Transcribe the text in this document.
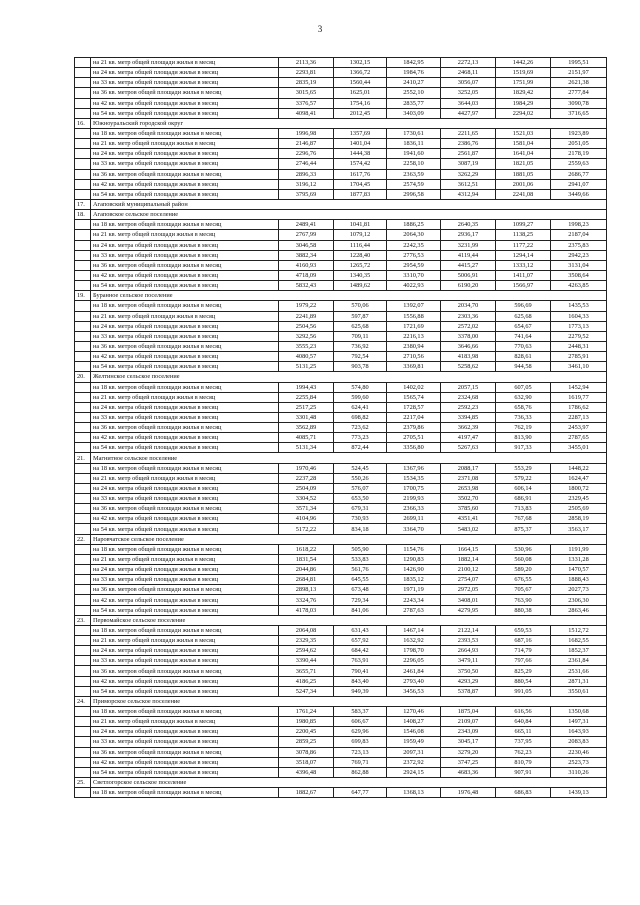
3
	на 21 кв. метр общей площади жилья в месяц	2113,36	1302,15	1842,95	2272,13	1442,26	1995,51
	на 24 кв. метра общей площади жилья в месяц	2293,81	1366,72	1984,76	2468,11	1519,69	2151,97
	на 33 кв. метра общей площади жилья в месяц	2835,19	1560,44	2410,27	3056,07	1751,99	2621,38
	на 36 кв. метров общей площади жилья в месяц	3015,65	1625,01	2552,10	3252,05	1829,42	2777,84
	на 42 кв. метра общей площади жилья в месяц	3376,57	1754,16	2835,77	3644,03	1984,29	3090,78
	на 54 кв. метра общей площади жилья в месяц	4098,41	2012,45	3403,09	4427,97	2294,02	3716,65
16.	Южноуральский городской округ						
	на 18 кв. метров общей площади жилья в месяц	1996,98	1357,69	1730,61	2211,65	1521,03	1923,89
	на 21 кв. метр общей площади жилья в месяц	2146,87	1401,04	1836,11	2386,76	1581,04	2051,05
	на 24 кв. метра общей площади жилья в месяц	2296,76	1444,38	1941,60	2561,87	1641,04	2178,19
	на 33 кв. метра общей площади жилья в месяц	2746,44	1574,42	2258,10	3087,19	1821,05	2559,63
	на 36 кв. метров общей площади жилья в месяц	2896,33	1617,76	2363,59	3262,29	1881,05	2686,77
	на 42 кв. метра общей площади жилья в месяц	3196,12	1704,45	2574,59	3612,51	2001,06	2941,07
	на 54 кв. метра общей площади жилья в месяц	3795,69	1877,83	2996,58	4312,94	2241,08	3449,66
17.	Агаповский муниципальный район						
18.	Агаповское сельское поселение						
	на 18 кв. метров общей площади жилья в месяц	2489,41	1041,81	1886,25	2640,35	1099,27	1998,23
	на 21 кв. метр общей площади жилья в месяц	2767,99	1079,12	2064,30	2936,17	1138,25	2187,04
	на 24 кв. метра общей площади жилья в месяц	3046,58	1116,44	2242,35	3231,99	1177,22	2375,83
	на 33 кв. метра общей площади жилья в месяц	3882,34	1228,40	2776,53	4119,44	1294,14	2942,23
	на 36 кв. метров общей площади жилья в месяц	4160,93	1265,72	2954,59	4415,27	1333,12	3131,04
	на 42 кв. метра общей площади жилья в месяц	4718,09	1340,35	3310,70	5006,91	1411,07	3508,64
	на 54 кв. метра общей площади жилья в месяц	5832,43	1489,62	4022,93	6190,20	1566,97	4263,85
19.	Буранное сельское поселение						
	на 18 кв. метров общей площади жилья в месяц	1979,22	570,06	1392,07	2034,70	596,69	1435,53
	на 21 кв. метр общей площади жилья в месяц	2241,89	597,87	1556,88	2303,36	625,68	1604,33
	на 24 кв. метра общей площади жилья в месяц	2504,56	625,68	1721,69	2572,02	654,67	1773,13
	на 33 кв. метра общей площади жилья в месяц	3292,56	709,11	2216,13	3378,00	741,64	2279,52
	на 36 кв. метров общей площади жилья в месяц	3555,23	736,92	2380,94	3646,66	770,63	2448,31
	на 42 кв. метра общей площади жилья в месяц	4080,57	792,54	2710,56	4183,98	828,61	2785,91
	на 54 кв. метра общей площади жилья в месяц	5131,25	903,78	3369,81	5258,62	944,58	3461,10
20.	Желтинское сельское поселение						
	на 18 кв. метров общей площади жилья в месяц	1994,43	574,80	1402,02	2057,15	607,05	1452,94
	на 21 кв. метр общей площади жилья в месяц	2255,84	599,60	1565,74	2324,68	632,90	1619,77
	на 24 кв. метра общей площади жилья в месяц	2517,25	624,41	1728,57	2592,23	658,76	1786,62
	на 33 кв. метра общей площади жилья в месяц	3301,48	698,82	2217,04	3394,85	736,33	2287,13
	на 36 кв. метров общей площади жилья в месяц	3562,89	723,62	2379,86	3662,39	762,19	2453,97
	на 42 кв. метра общей площади жилья в месяц	4085,71	773,23	2705,51	4197,47	813,90	2787,65
	на 54 кв. метра общей площади жилья в месяц	5131,34	872,44	3356,80	5267,63	917,33	3455,01
21.	Магнитное сельское поселение						
	на 18 кв. метров общей площади жилья в месяц	1970,46	524,45	1367,96	2088,17	553,29	1448,22
	на 21 кв. метр общей площади жилья в месяц	2237,28	550,26	1534,35	2371,08	579,22	1624,47
	на 24 кв. метра общей площади жилья в месяц	2504,09	576,07	1700,75	2653,98	606,14	1800,72
	на 33 кв. метра общей площади жилья в месяц	3304,52	653,50	2199,93	3502,70	686,91	2329,45
	на 36 кв. метров общей площади жилья в месяц	3571,34	679,31	2366,33	3785,60	713,83	2505,69
	на 42 кв. метра общей площади жилья в месяц	4104,96	730,93	2699,11	4351,41	767,68	2858,19
	на 54 кв. метра общей площади жилья в месяц	5172,22	834,18	3364,70	5483,02	875,37	3563,17
22.	Наровчатское сельское поселение						
	на 18 кв. метров общей площади жилья в месяц	1618,22	505,90	1154,76	1664,15	530,96	1191,99
	на 21 кв. метр общей площади жилья в месяц	1831,54	533,83	1290,83	1882,14	560,08	1331,28
	на 24 кв. метра общей площади жилья в месяц	2044,86	561,76	1426,90	2100,12	589,20	1470,57
	на 33 кв. метра общей площади жилья в месяц	2684,81	645,55	1835,12	2754,07	676,55	1888,43
	на 36 кв. метров общей площади жилья в месяц	2898,13	673,48	1971,19	2972,05	705,67	2027,73
	на 42 кв. метра общей площади жилья в месяц	3324,76	729,34	2243,34	3408,01	763,90	2306,30
	на 54 кв. метра общей площади жилья в месяц	4178,03	841,06	2787,63	4279,95	880,38	2863,46
23.	Первомайское сельское поселение						
	на 18 кв. метров общей площади жилья в месяц	2064,08	631,43	1467,14	2122,14	659,53	1512,72
	на 21 кв. метр общей площади жилья в месяц	2329,35	657,92	1632,92	2393,53	687,16	1682,55
	на 24 кв. метра общей площади жилья в месяц	2594,62	684,42	1798,70	2664,93	714,79	1852,37
	на 33 кв. метра общей площади жилья в месяц	3390,44	763,91	2296,05	3479,11	797,66	2361,84
	на 36 кв. метров общей площади жилья в месяц	3655,71	790,41	2461,84	3750,50	825,29	2531,66
	на 42 кв. метра общей площади жилья в месяц	4186,25	843,40	2793,40	4293,29	880,54	2871,31
	на 54 кв. метра общей площади жилья в месяц	5247,34	949,39	3456,53	5378,87	991,05	3550,61
24.	Приморское сельское поселение						
	на 18 кв. метров общей площади жилья в месяц	1761,24	583,37	1270,46	1875,04	616,56	1350,68
	на 21 кв. метр общей площади жилья в месяц	1980,85	606,67	1408,27	2109,07	640,84	1497,31
	на 24 кв. метра общей площади жилья в месяц	2200,45	629,96	1546,08	2343,09	665,11	1643,93
	на 33 кв. метра общей площади жилья в месяц	2859,25	699,83	1959,49	3045,17	737,95	2083,83
	на 36 кв. метров общей площади жилья в месяц	3078,86	723,13	2097,31	3279,20	762,23	2230,46
	на 42 кв. метра общей площади жилья в месяц	3518,07	769,71	2372,92	3747,25	810,79	2523,73
	на 54 кв. метра общей площади жилья в месяц	4396,48	862,88	2924,15	4683,36	907,91	3110,26
25.	Светлогорское сельское поселение						
	на 18 кв. метров общей площади жилья в месяц	1882,67	647,77	1368,13	1976,48	686,83	1439,13
